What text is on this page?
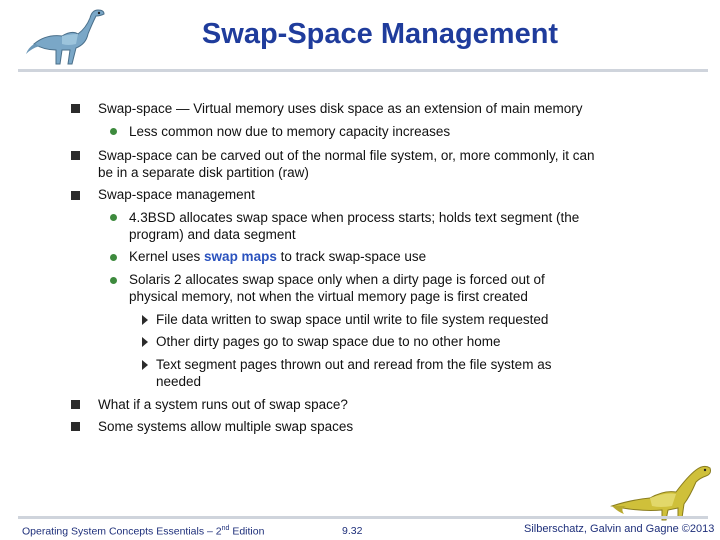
Swap-Space Management
Swap-space — Virtual memory uses disk space as an extension of main memory
Less common now due to memory capacity increases
Swap-space can be carved out of the normal file system, or, more commonly, it can be in a separate disk partition (raw)
Swap-space management
4.3BSD allocates swap space when process starts; holds text segment (the program) and data segment
Kernel uses swap maps to track swap-space use
Solaris 2 allocates swap space only when a dirty page is forced out of physical memory, not when the virtual memory page is first created
File data written to swap space until write to file system requested
Other dirty pages go to swap space due to no other home
Text segment pages thrown out and reread from the file system as needed
What if a system runs out of swap space?
Some systems allow multiple swap spaces
Operating System Concepts Essentials – 2nd Edition	9.32	Silberschatz, Galvin and Gagne ©2013
